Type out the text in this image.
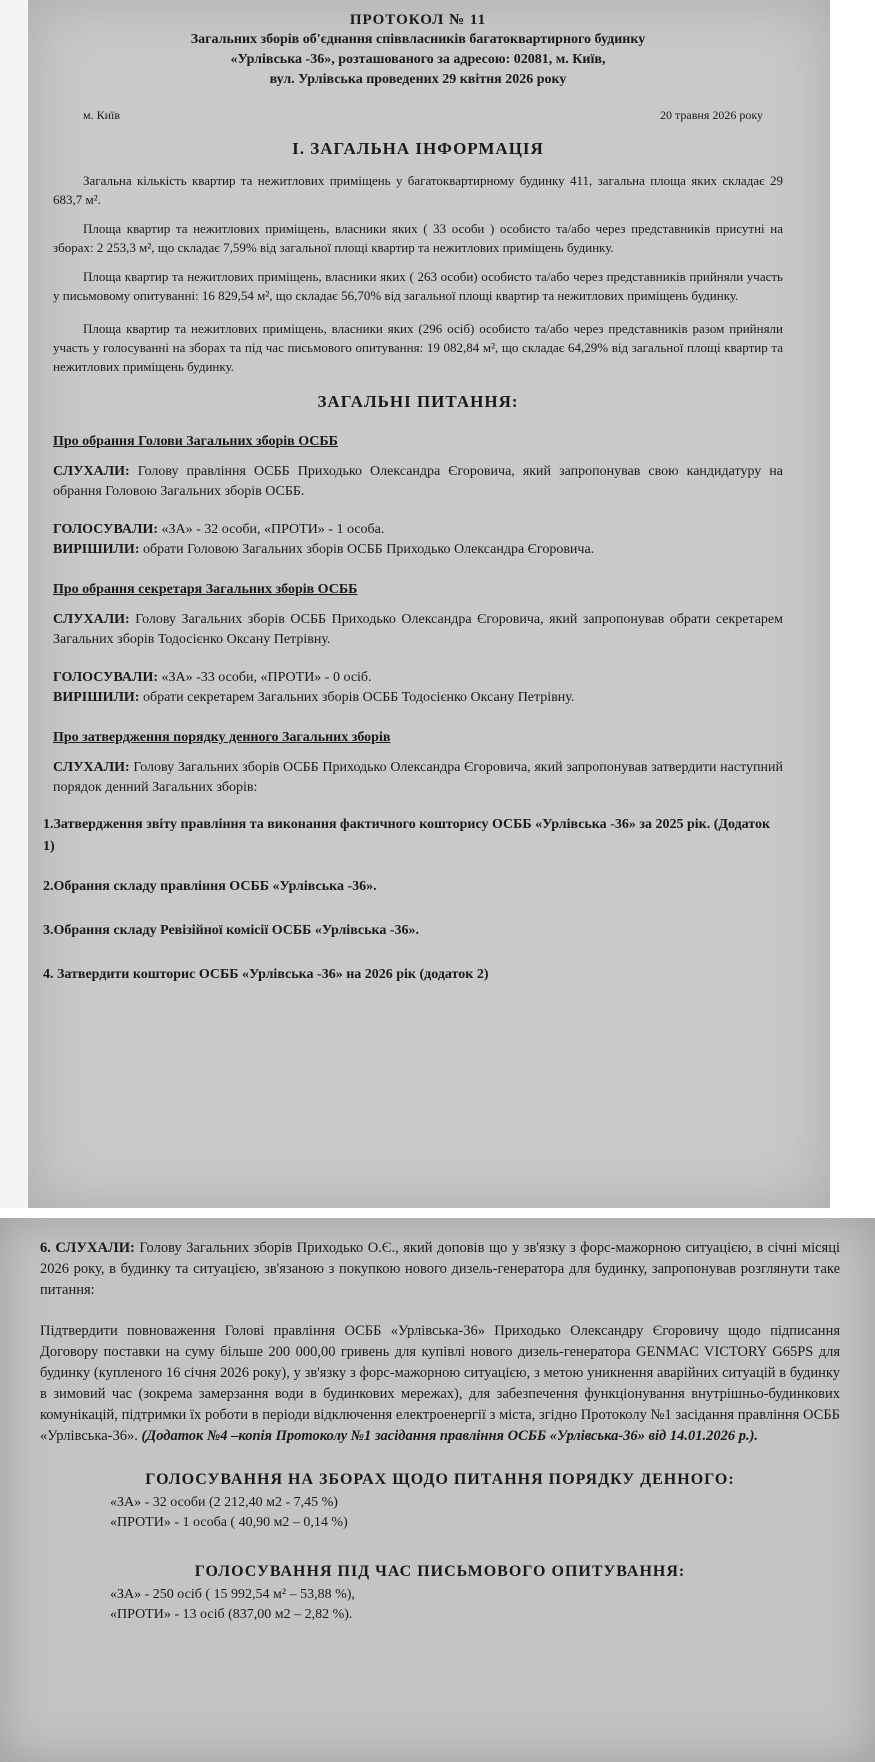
ПРОТОКОЛ № 11

Загальних зборів об'єднання співвласників багатоквартирного будинку

«Урлівська -36», розташованого за адресою: 02081, м. Київ,

вул. Урлівська проведених 29 квітня 2026 року

м. Київ	20 травня 2026 року
І. ЗАГАЛЬНА ІНФОРМАЦІЯ

Загальна кількість квартир та нежитлових приміщень у багатоквартирному будинку 411, загальна площа яких складає 29 683,7 м².

Площа квартир та нежитлових приміщень, власники яких ( 33 особи ) особисто та/або через представників присутні на зборах: 2 253,3 м², що складає 7,59% від загальної площі квартир та нежитлових приміщень будинку.

Площа квартир та нежитлових приміщень, власники яких ( 263 особи) особисто та/або через представників прийняли участь у письмовому опитуванні: 16 829,54 м², що складає 56,70% від загальної площі квартир та нежитлових приміщень будинку.

Площа квартир та нежитлових приміщень, власники яких (296 осіб) особисто та/або через представників разом прийняли участь у голосуванні на зборах та під час письмового опитування: 19 082,84 м², що складає 64,29% від загальної площі квартир та нежитлових приміщень будинку.

ЗАГАЛЬНІ ПИТАННЯ:
Про обрання Голови Загальних зборів ОСББ

СЛУХАЛИ: Голову правління ОСББ Приходько Олександра Єгоровича, який запропонував свою кандидатуру на обрання Головою Загальних зборів ОСББ.

ГОЛОСУВАЛИ: «ЗА» - 32 особи, «ПРОТИ» - 1 особа.

ВИРІШИЛИ: обрати Головою Загальних зборів ОСББ Приходько Олександра Єгоровича.

Про обрання секретаря Загальних зборів ОСББ

СЛУХАЛИ: Голову Загальних зборів ОСББ Приходько Олександра Єгоровича, який запропонував обрати секретарем Загальних зборів Тодосієнко Оксану Петрівну.

ГОЛОСУВАЛИ: «ЗА» -33 особи, «ПРОТИ» - 0 осіб.

ВИРІШИЛИ: обрати секретарем Загальних зборів ОСББ Тодосієнко Оксану Петрівну.

Про затвердження порядку денного Загальних зборів

СЛУХАЛИ: Голову Загальних зборів ОСББ Приходько Олександра Єгоровича, який запропонував затвердити наступний порядок денний Загальних зборів:

1.Затвердження звіту правління та виконання фактичного кошторису ОСББ «Урлівська -36» за 2025 рік. (Додаток 1)

2.Обрання складу правління ОСББ «Урлівська -36».

3.Обрання складу Ревізійної комісії ОСББ «Урлівська -36».

4. Затвердити кошторис ОСББ «Урлівська -36» на 2026 рік (додаток 2)

6. СЛУХАЛИ: Голову Загальних зборів Приходько О.Є., який доповів що у зв'язку з форс-мажорною ситуацією, в січні місяці 2026 року, в будинку та ситуацією, зв'язаною з покупкою нового дизель-генератора для будинку, запропонував розглянути таке питання:

Підтвердити повноваження Голові правління ОСББ «Урлівська-36» Приходько Олександру Єгоровичу щодо підписання Договору поставки на суму більше 200 000,00 гривень для купівлі нового дизель-генератора GENMAC VICTORY G65PS для будинку (купленого 16 січня 2026 року), у зв'язку з форс-мажорною ситуацією, з метою уникнення аварійних ситуацій в будинку в зимовий час (зокрема замерзання води в будинкових мережах), для забезпечення функціонування внутрішньо-будинкових комунікацій, підтримки їх роботи в періоди відключення електроенергії з міста, згідно Протоколу №1 засідання правління ОСББ «Урлівська-36». (Додаток №4 –копія Протоколу №1 засідання правління ОСББ «Урлівська-36» від 14.01.2026 р.).

ГОЛОСУВАННЯ НА ЗБОРАХ ЩОДО ПИТАННЯ ПОРЯДКУ ДЕННОГО:
«ЗА» - 32 особи (2 212,40 м2 - 7,45 %)
«ПРОТИ» - 1 особа ( 40,90 м2 – 0,14 %)
ГОЛОСУВАННЯ ПІД ЧАС ПИСЬМОВОГО ОПИТУВАННЯ:
«ЗА» - 250 осіб ( 15 992,54 м² – 53,88 %),
«ПРОТИ» - 13 осіб (837,00 м2 – 2,82 %).
